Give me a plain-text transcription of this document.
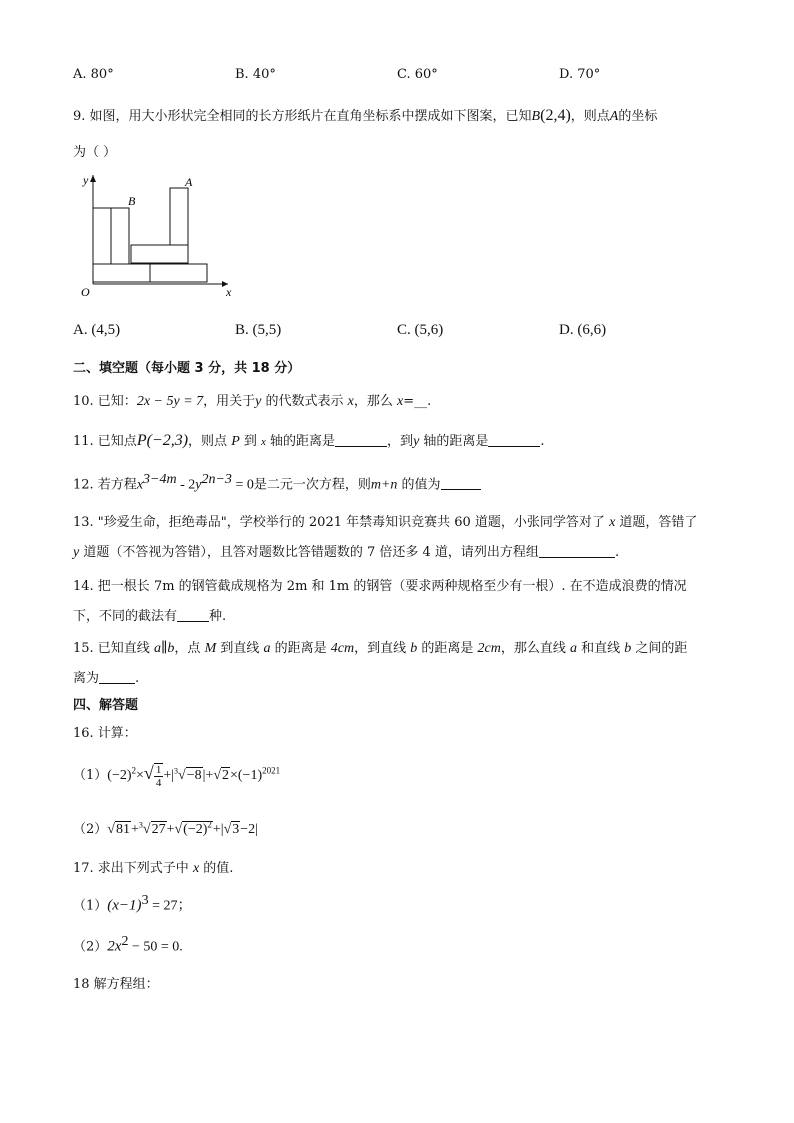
A. 80°	B. 40°	C. 60°	D. 70°
9. 如图，用大小形状完全相同的长方形纸片在直角坐标系中摆成如下图案，已知B(2,4)，则点A的坐标
为（ ）
y
x
O
B
A
A. (4,5)	B. (5,5)	C. (5,6)	D. (6,6)
二、填空题（每小题 3 分，共 18 分）
10. 已知：2x − 5y = 7，用关于y 的代数式表示 x，那么 x=__.
11. 已知点P(−2,3)，则点 P 到 x 轴的距离是	，到y 轴的距离是	.
12. 若方程$x^{3-4m} - 2y^{2n-3} = 0$是二元一次方程，则m+n 的值为
13. "珍爱生命，拒绝毒品"，学校举行的 2021 年禁毒知识竞赛共 60 道题，小张同学答对了 x 道题，答错了
y 道题（不答视为答错），且答对题数比答错题数的 7 倍还多 4 道，请列出方程组	.
14. 把一根长 7m 的钢管截成规格为 2m 和 1m 的钢管（要求两种规格至少有一根）. 在不造成浪费的情况
下，不同的截法有 种.
15. 已知直线 a∥b，点 M 到直线 a 的距离是 4cm，到直线 b 的距离是 2cm，那么直线 a 和直线 b 之间的距
离为	.
四、解答题
16. 计算：
$(1)(-2)^2\times√ \frac{1}{4} +|^3√-8|+√2\times(-1)^{2021}$
$(2)√81+^3√27+√(-2)^2+|√3-2|$
17. 求出下列式子中 x 的值.
$(1)(x-1)^3 = 27$；
$(2)2x^2 - 50 = 0$.
18 解方程组：
